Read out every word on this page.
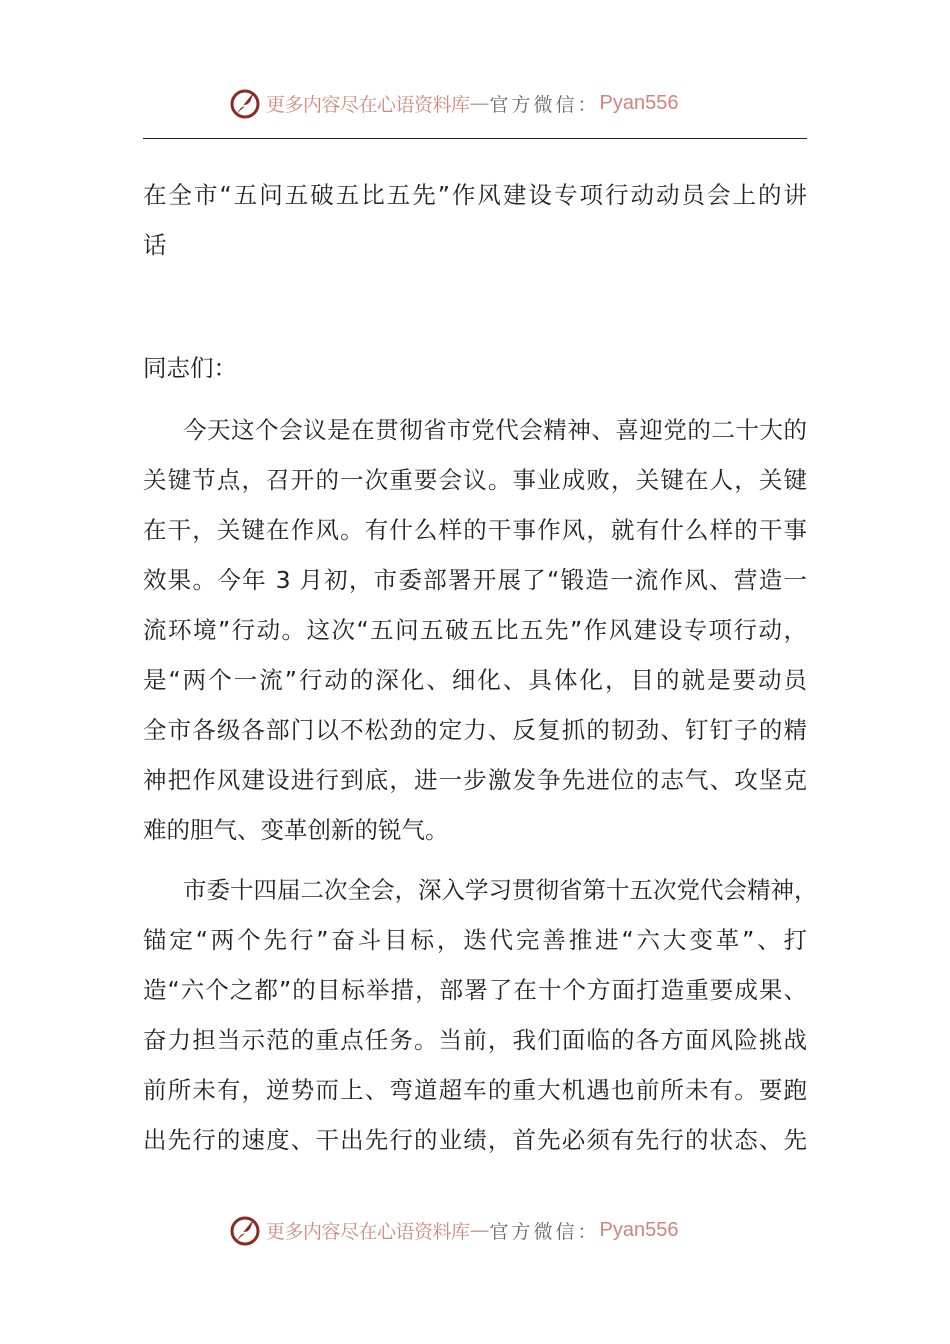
更多内容尽在心语资料库 — 官方微信： Pyan556
在全市“五问五破五比五先”作风建设专项行动动员会上的讲
话
同志们：
今天这个会议是在贯彻省市党代会精神、喜迎党的二十大的
关键节点，召开的一次重要会议。事业成败，关键在人，关键
在干，关键在作风。有什么样的干事作风，就有什么样的干事
效果。今年 3 月初，市委部署开展了“锻造一流作风、营造一
流环境”行动。这次“五问五破五比五先”作风建设专项行动，
是“两个一流”行动的深化、细化、具体化，目的就是要动员
全市各级各部门以不松劲的定力、反复抓的韧劲、钉钉子的精
神把作风建设进行到底，进一步激发争先进位的志气、攻坚克
难的胆气、变革创新的锐气。
市委十四届二次全会，深入学习贯彻省第十五次党代会精神，
锚定“两个先行”奋斗目标，迭代完善推进“六大变革”、打
造“六个之都”的目标举措，部署了在十个方面打造重要成果、
奋力担当示范的重点任务。当前，我们面临的各方面风险挑战
前所未有，逆势而上、弯道超车的重大机遇也前所未有。要跑
出先行的速度、干出先行的业绩，首先必须有先行的状态、先
更多内容尽在心语资料库 — 官方微信： Pyan556
